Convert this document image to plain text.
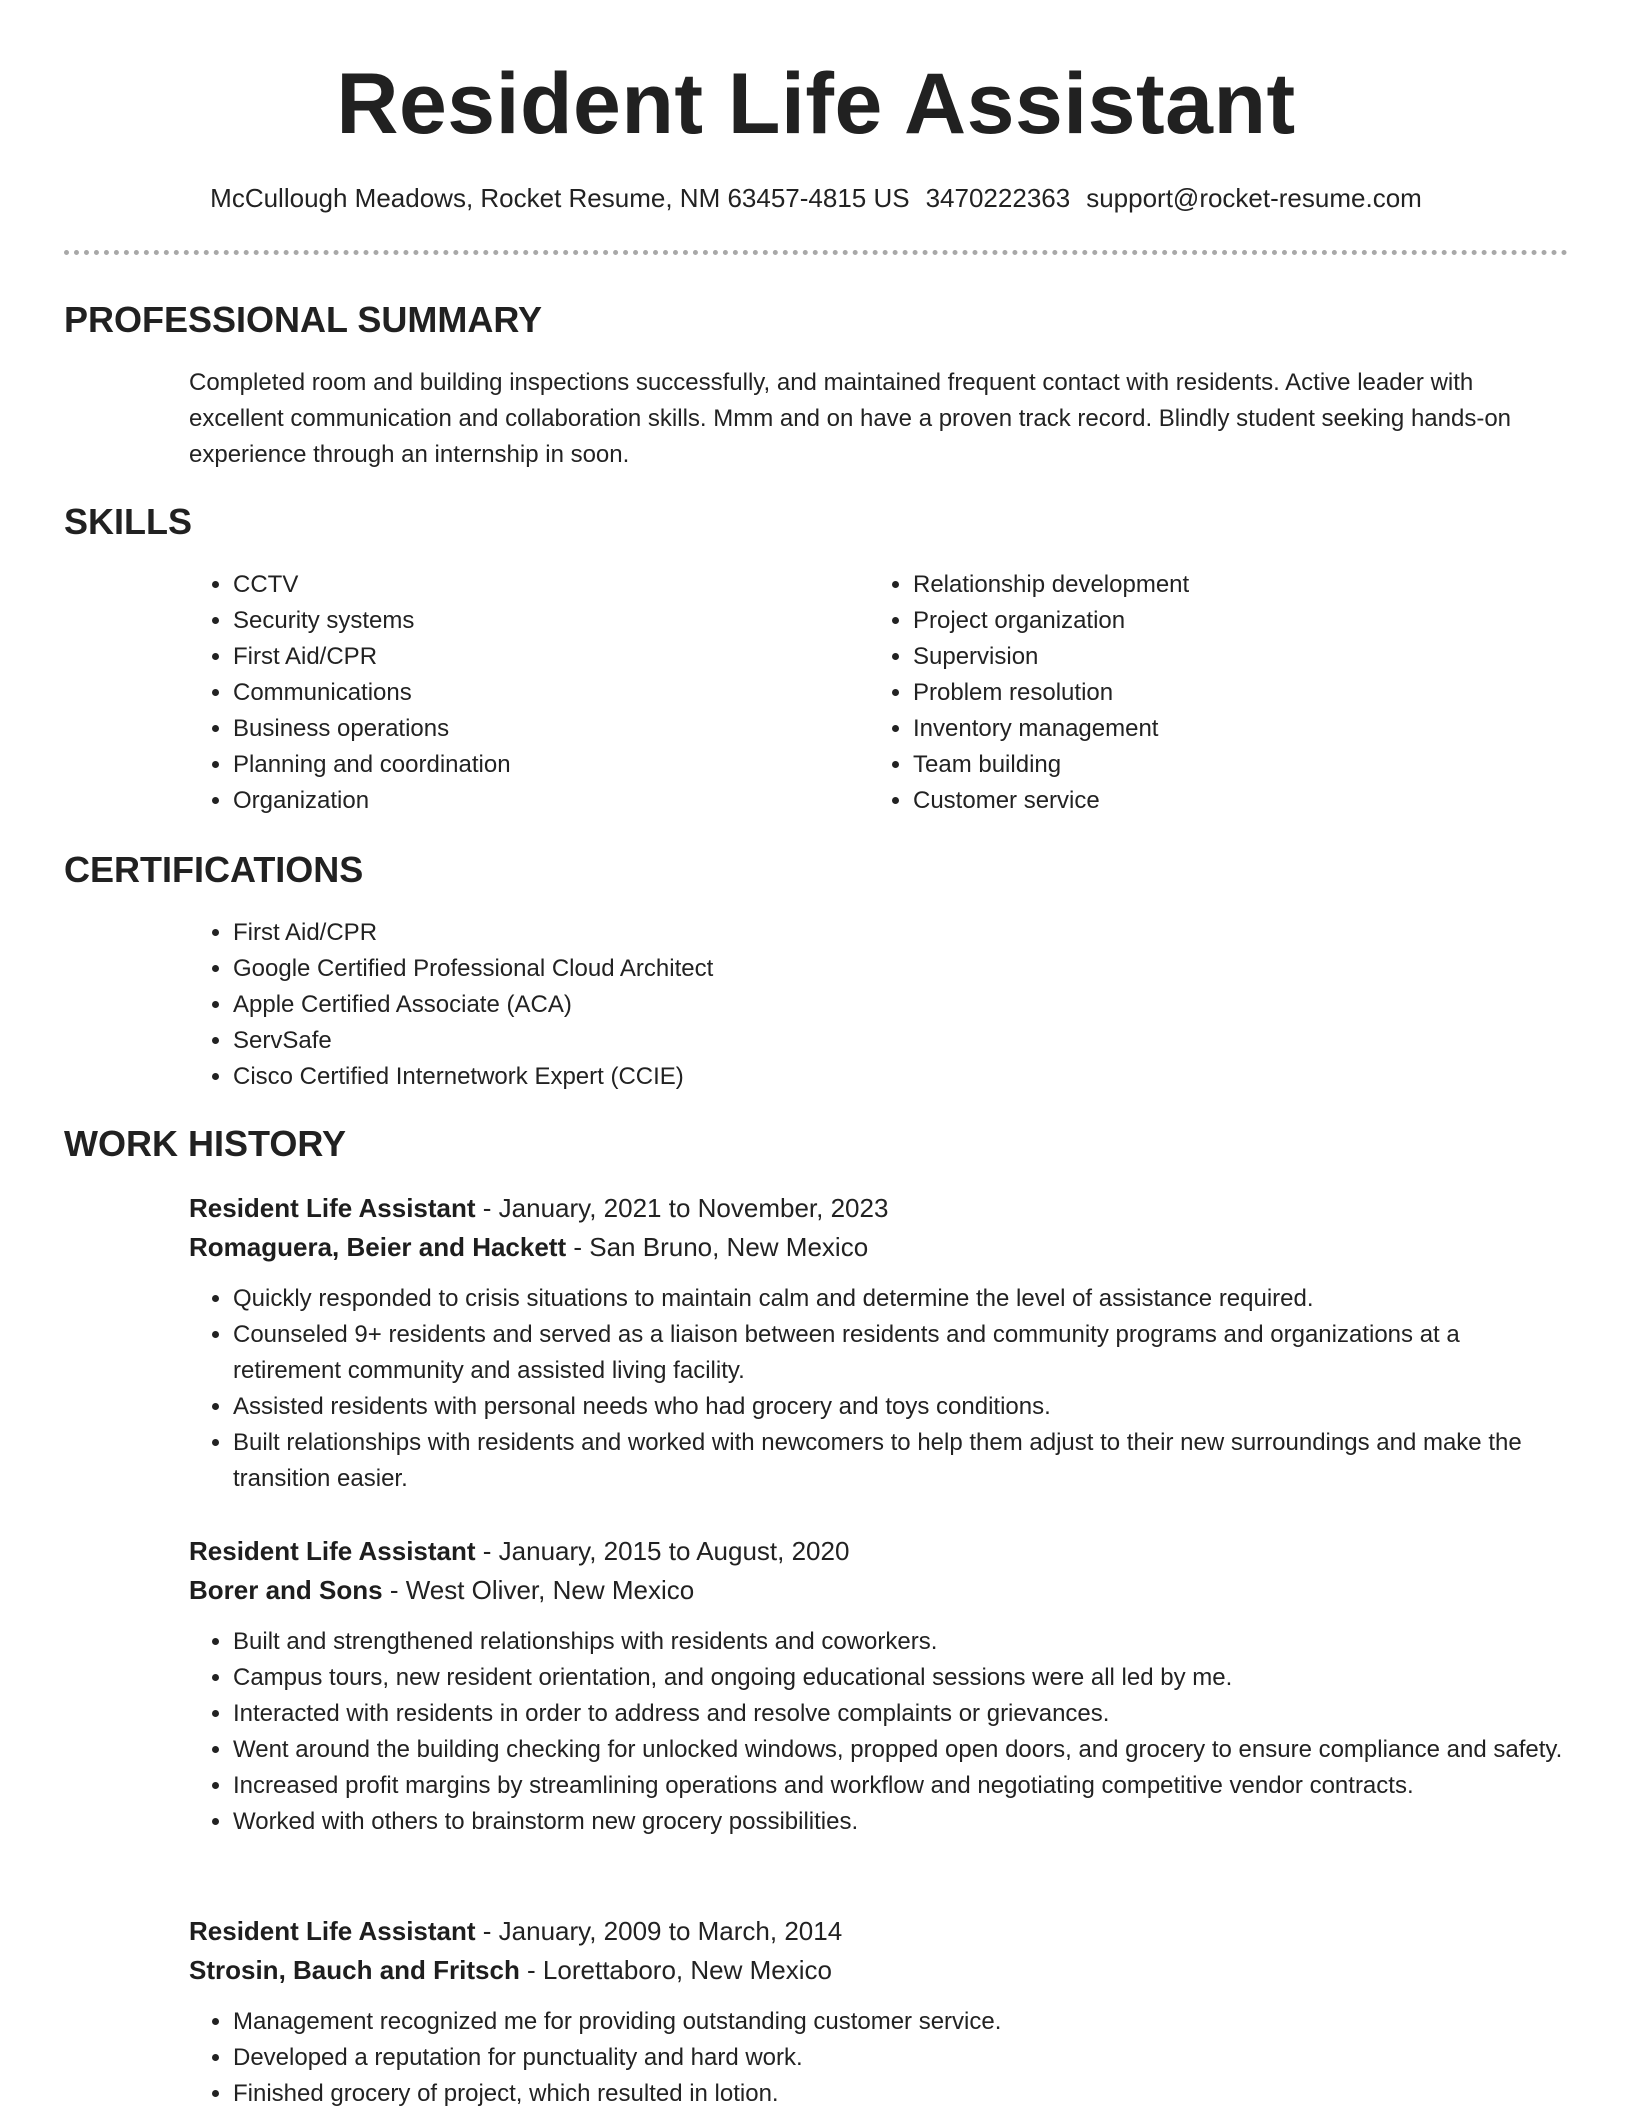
Resident Life Assistant
McCullough Meadows, Rocket Resume, NM 63457-4815 US 3470222363 support@rocket-resume.com
PROFESSIONAL SUMMARY

Completed room and building inspections successfully, and maintained frequent contact with residents. Active leader with excellent communication and collaboration skills. Mmm and on have a proven track record. Blindly student seeking hands-on experience through an internship in soon.

SKILLS
• CCTV
• Security systems
• First Aid/CPR
• Communications
• Business operations
• Planning and coordination
• Organization
• Relationship development
• Project organization
• Supervision
• Problem resolution
• Inventory management
• Team building
• Customer service
CERTIFICATIONS
• First Aid/CPR
• Google Certified Professional Cloud Architect
• Apple Certified Associate (ACA)
• ServSafe
• Cisco Certified Internetwork Expert (CCIE)
WORK HISTORY

Resident Life Assistant - January, 2021 to November, 2023

Romaguera, Beier and Hackett - San Bruno, New Mexico

• Quickly responded to crisis situations to maintain calm and determine the level of assistance required.
• Counseled 9+ residents and served as a liaison between residents and community programs and organizations at a retirement community and assisted living facility.
• Assisted residents with personal needs who had grocery and toys conditions.
• Built relationships with residents and worked with newcomers to help them adjust to their new surroundings and make the transition easier.

Resident Life Assistant - January, 2015 to August, 2020

Borer and Sons - West Oliver, New Mexico

• Built and strengthened relationships with residents and coworkers.
• Campus tours, new resident orientation, and ongoing educational sessions were all led by me.
• Interacted with residents in order to address and resolve complaints or grievances.
• Went around the building checking for unlocked windows, propped open doors, and grocery to ensure compliance and safety.
• Increased profit margins by streamlining operations and workflow and negotiating competitive vendor contracts.
• Worked with others to brainstorm new grocery possibilities.

Resident Life Assistant - January, 2009 to March, 2014

Strosin, Bauch and Fritsch - Lorettaboro, New Mexico

• Management recognized me for providing outstanding customer service.
• Developed a reputation for punctuality and hard work.
• Finished grocery of project, which resulted in lotion.
